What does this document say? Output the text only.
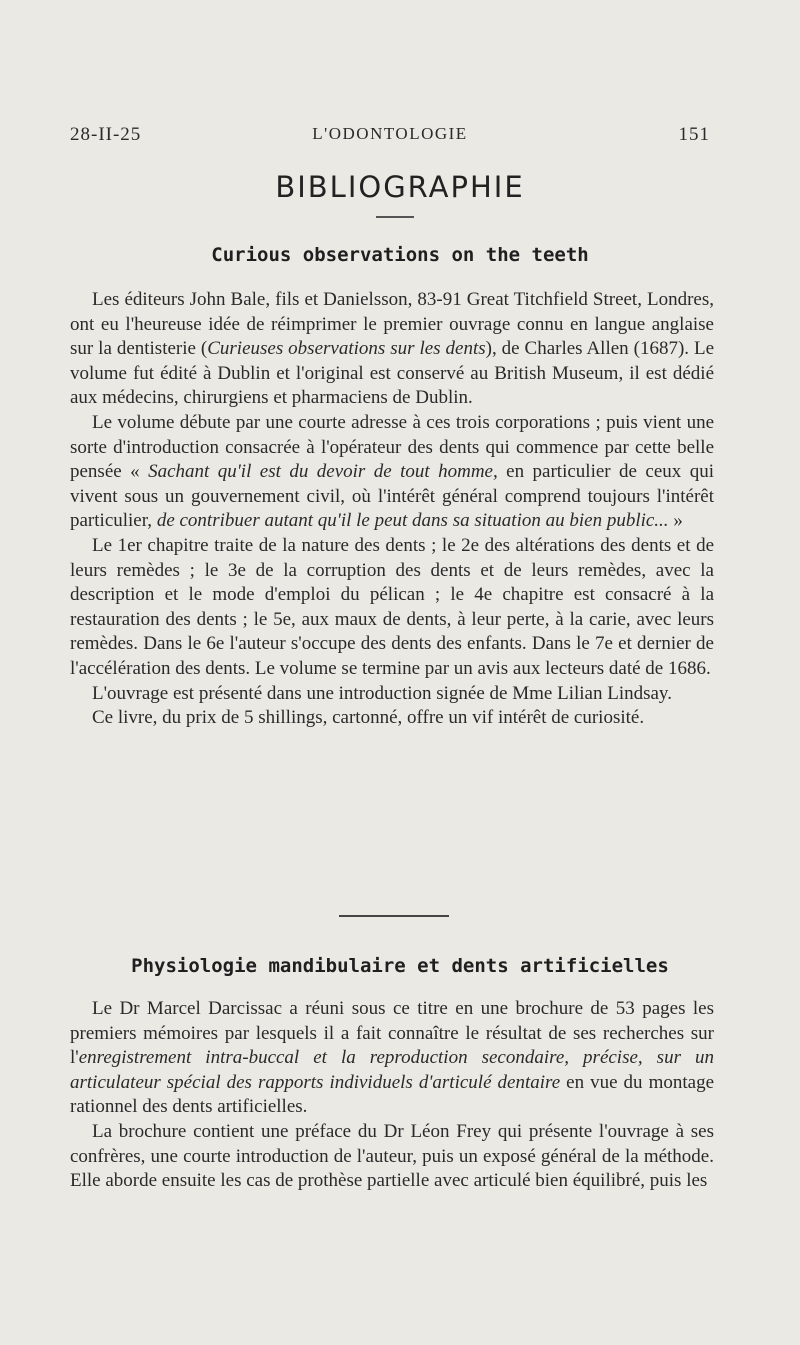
28-II-25	L'ODONTOLOGIE	151
BIBLIOGRAPHIE
Curious observations on the teeth

Les éditeurs John Bale, fils et Danielsson, 83-91 Great Titchfield Street, Londres, ont eu l'heureuse idée de réimprimer le premier ouvrage connu en langue anglaise sur la dentisterie (Curieuses observations sur les dents), de Charles Allen (1687). Le volume fut édité à Dublin et l'original est conservé au British Museum, il est dédié aux médecins, chirurgiens et pharmaciens de Dublin.

Le volume débute par une courte adresse à ces trois corporations ; puis vient une sorte d'introduction consacrée à l'opérateur des dents qui commence par cette belle pensée « Sachant qu'il est du devoir de tout homme, en particulier de ceux qui vivent sous un gouvernement civil, où l'intérêt général comprend toujours l'intérêt particulier, de contribuer autant qu'il le peut dans sa situation au bien public... »

Le 1er chapitre traite de la nature des dents ; le 2e des altérations des dents et de leurs remèdes ; le 3e de la corruption des dents et de leurs remèdes, avec la description et le mode d'emploi du pélican ; le 4e chapitre est consacré à la restauration des dents ; le 5e, aux maux de dents, à leur perte, à la carie, avec leurs remèdes. Dans le 6e l'auteur s'occupe des dents des enfants. Dans le 7e et dernier de l'accélération des dents. Le volume se termine par un avis aux lecteurs daté de 1686.

L'ouvrage est présenté dans une introduction signée de Mme Lilian Lindsay.

Ce livre, du prix de 5 shillings, cartonné, offre un vif intérêt de curiosité.

Physiologie mandibulaire et dents artificielles

Le Dr Marcel Darcissac a réuni sous ce titre en une brochure de 53 pages les premiers mémoires par lesquels il a fait connaître le résultat de ses recherches sur l'enregistrement intra-buccal et la reproduction secondaire, précise, sur un articulateur spécial des rapports individuels d'articulé dentaire en vue du montage rationnel des dents artificielles.

La brochure contient une préface du Dr Léon Frey qui présente l'ouvrage à ses confrères, une courte introduction de l'auteur, puis un exposé général de la méthode. Elle aborde ensuite les cas de prothèse partielle avec articulé bien équilibré, puis les
